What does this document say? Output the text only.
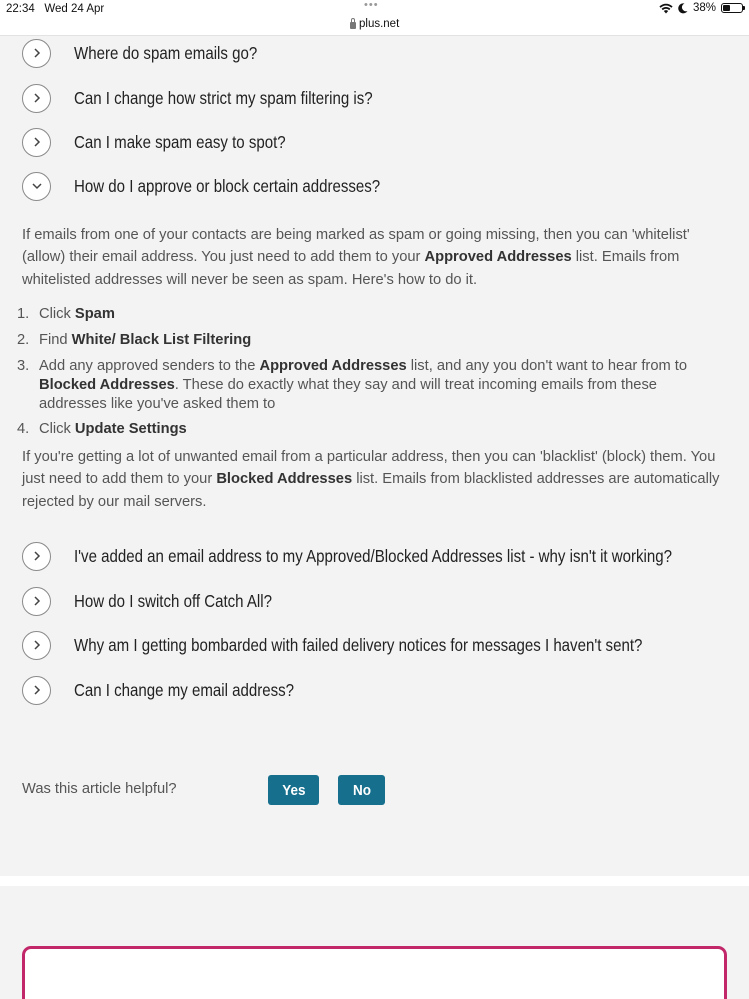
22:34 Wed 24 Apr	•••
plus.net
38%
Where do spam emails go?
Can I change how strict my spam filtering is?
Can I make spam easy to spot?
How do I approve or block certain addresses?

If emails from one of your contacts are being marked as spam or going missing, then you can 'whitelist' (allow) their email address. You just need to add them to your Approved Addresses list. Emails from whitelisted addresses will never be seen as spam. Here's how to do it.

1. Click Spam
2. Find White/ Black List Filtering
3. Add any approved senders to the Approved Addresses list, and any you don't want to hear from to Blocked Addresses. These do exactly what they say and will treat incoming emails from these addresses like you've asked them to
4. Click Update Settings

If you're getting a lot of unwanted email from a particular address, then you can 'blacklist' (block) them. You just need to add them to your Blocked Addresses list. Emails from blacklisted addresses are automatically rejected by our mail servers.

I've added an email address to my Approved/Blocked Addresses list - why isn't it working?
How do I switch off Catch All?
Why am I getting bombarded with failed delivery notices for messages I haven't sent?
Can I change my email address?
Was this article helpful?	Yes	No
